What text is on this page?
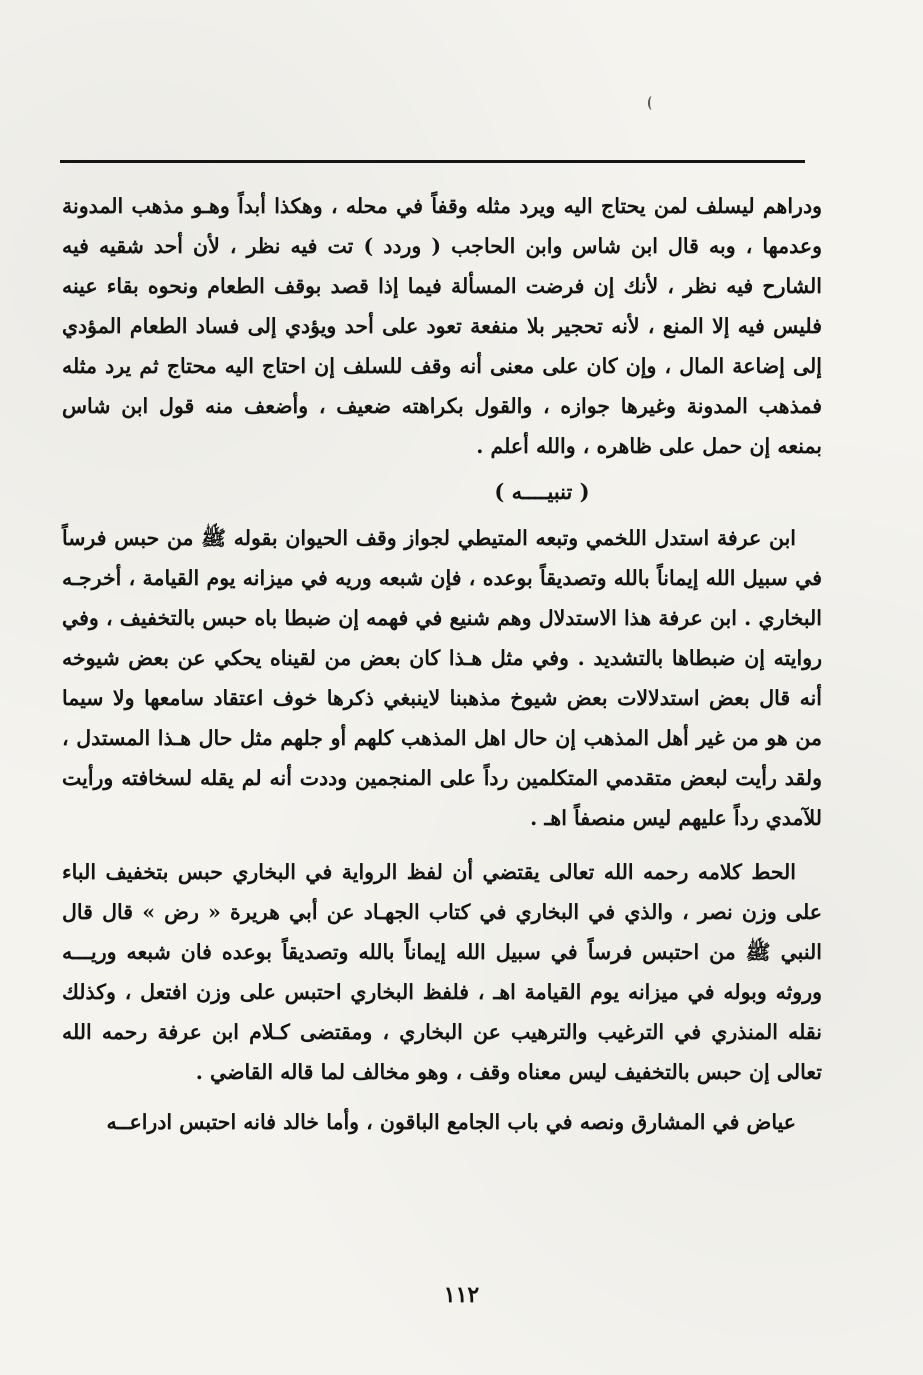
ودراهم ليسلف لمن يحتاج اليه ويرد مثله وقفاً في محله ، وهكذا أبداً وهـو مذهب المدونة وعدمها ، وبه قال ابن شاس وابن الحاجب ( وردد ) تت فيه نظر ، لأن أحد شقيه فيه الشارح فيه نظر ، لأنك إن فرضت المسألة فيما إذا قصد بوقف الطعام ونحوه بقاء عينه فليس فيه إلا المنع ، لأنه تحجير بلا منفعة تعود على أحد ويؤدي إلى فساد الطعام المؤدي إلى إضاعة المال ، وإن كان على معنى أنه وقف للسلف إن احتاج اليه محتاج ثم يرد مثله فمذهب المدونة وغيرها جوازه ، والقول بكراهته ضعيف ، وأضعف منه قول ابن شاس بمنعه إن حمل على ظاهره ، والله أعلم .

( تنبيــــه )

ابن عرفة استدل اللخمي وتبعه المتيطي لجواز وقف الحيوان بقوله ﷺ من حبس فرساً في سبيل الله إيماناً بالله وتصديقاً بوعده ، فإن شبعه وريه في ميزانه يوم القيامة ، أخرجـه البخاري . ابن عرفة هذا الاستدلال وهم شنيع في فهمه إن ضبطا باه حبس بالتخفيف ، وفي روايته إن ضبطاها بالتشديد . وفي مثل هـذا كان بعض من لقيناه يحكي عن بعض شيوخه أنه قال بعض استدلالات بعض شيوخ مذهبنا لاينبغي ذكرها خوف اعتقاد سامعها ولا سيما من هو من غير أهل المذهب إن حال اهل المذهب كلهم أو جلهم مثل حال هـذا المستدل ، ولقد رأيت لبعض متقدمي المتكلمين رداً على المنجمين وددت أنه لم يقله لسخافته ورأيت للآمدي رداً عليهم ليس منصفاً اهـ .

الحط كلامه رحمه الله تعالى يقتضي أن لفظ الرواية في البخاري حبس بتخفيف الباء على وزن نصر ، والذي في البخاري في كتاب الجهـاد عن أبي هريرة « رض » قال قال النبي ﷺ من احتبس فرساً في سبيل الله إيماناً بالله وتصديقاً بوعده فان شبعه وريـــه وروثه وبوله في ميزانه يوم القيامة اهـ ، فلفظ البخاري احتبس على وزن افتعل ، وكذلك نقله المنذري في الترغيب والترهيب عن البخاري ، ومقتضى كـلام ابن عرفة رحمه الله تعالى إن حبس بالتخفيف ليس معناه وقف ، وهو مخالف لما قاله القاضي .

عياض في المشارق ونصه في باب الجامع الباقون ، وأما خالد فانه احتبس ادراعــه

١١٢
